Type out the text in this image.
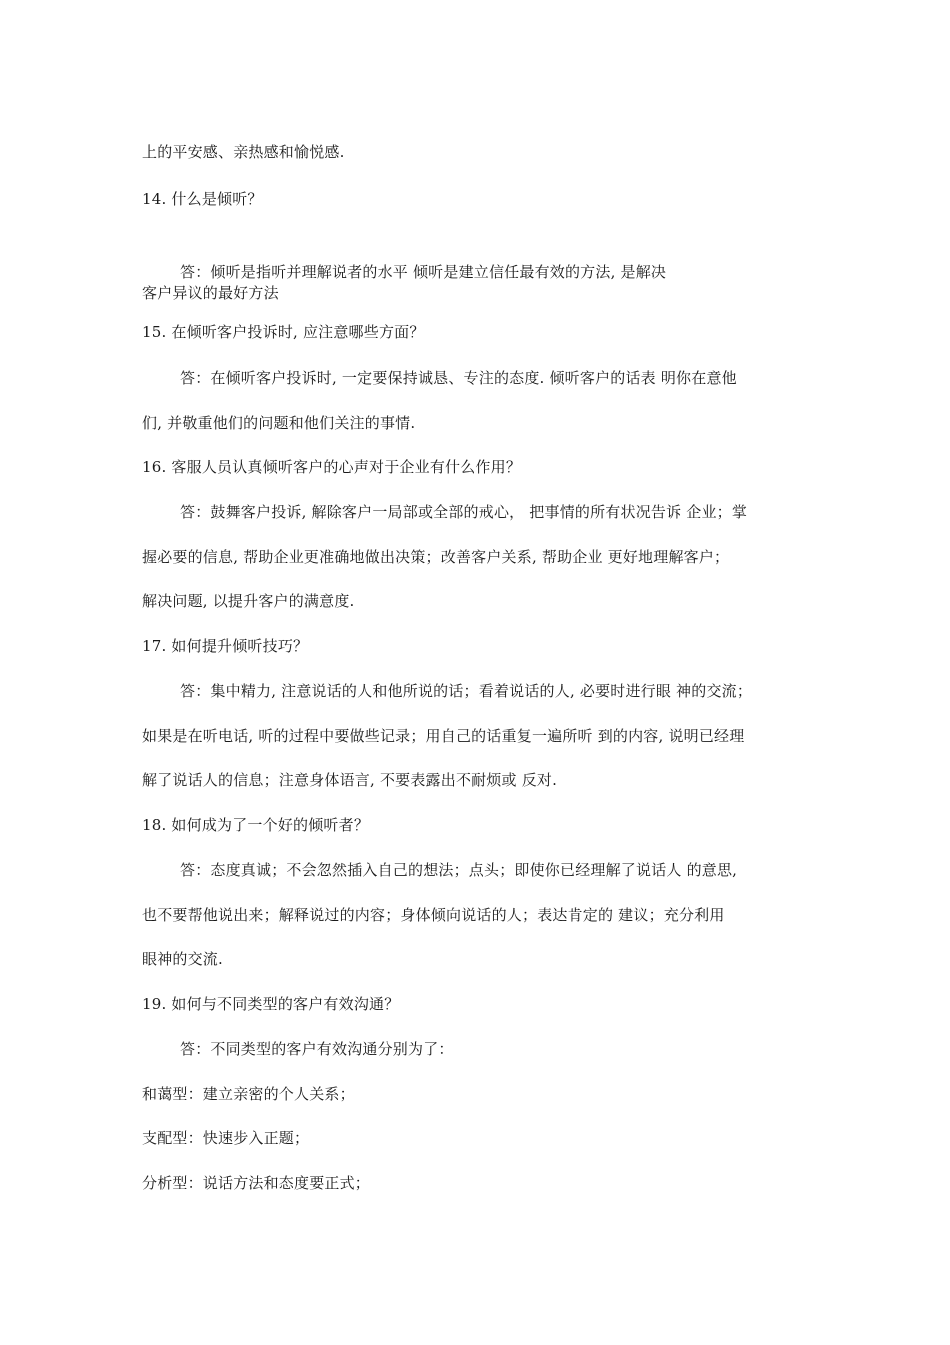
上的平安感、亲热感和愉悦感.
14. 什么是倾听？
答：倾听是指听并理解说者的水平 倾听是建立信任最有效的方法, 是解决
客户异议的最好方法
15. 在倾听客户投诉时, 应注意哪些方面？
答：在倾听客户投诉时, 一定要保持诚恳、专注的态度. 倾听客户的话表 明你在意他
们, 并敬重他们的问题和他们关注的事情.
16. 客服人员认真倾听客户的心声对于企业有什么作用？
答：鼓舞客户投诉, 解除客户一局部或全部的戒心， 把事情的所有状况告诉 企业；掌
握必要的信息, 帮助企业更准确地做出决策；改善客户关系, 帮助企业 更好地理解客户；
解决问题, 以提升客户的满意度.
17. 如何提升倾听技巧？
答：集中精力, 注意说话的人和他所说的话；看着说话的人, 必要时进行眼 神的交流；
如果是在听电话, 听的过程中要做些记录；用自己的话重复一遍所听 到的内容, 说明已经理
解了说话人的信息；注意身体语言, 不要表露出不耐烦或 反对.
18. 如何成为了一个好的倾听者？
答：态度真诚；不会忽然插入自己的想法；点头；即使你已经理解了说话人 的意思,
也不要帮他说出来；解释说过的内容；身体倾向说话的人；表达肯定的 建议；充分利用
眼神的交流.
19. 如何与不同类型的客户有效沟通？
答：不同类型的客户有效沟通分别为了：
和蔼型：建立亲密的个人关系；
支配型：快速步入正题；
分析型：说话方法和态度要正式；
